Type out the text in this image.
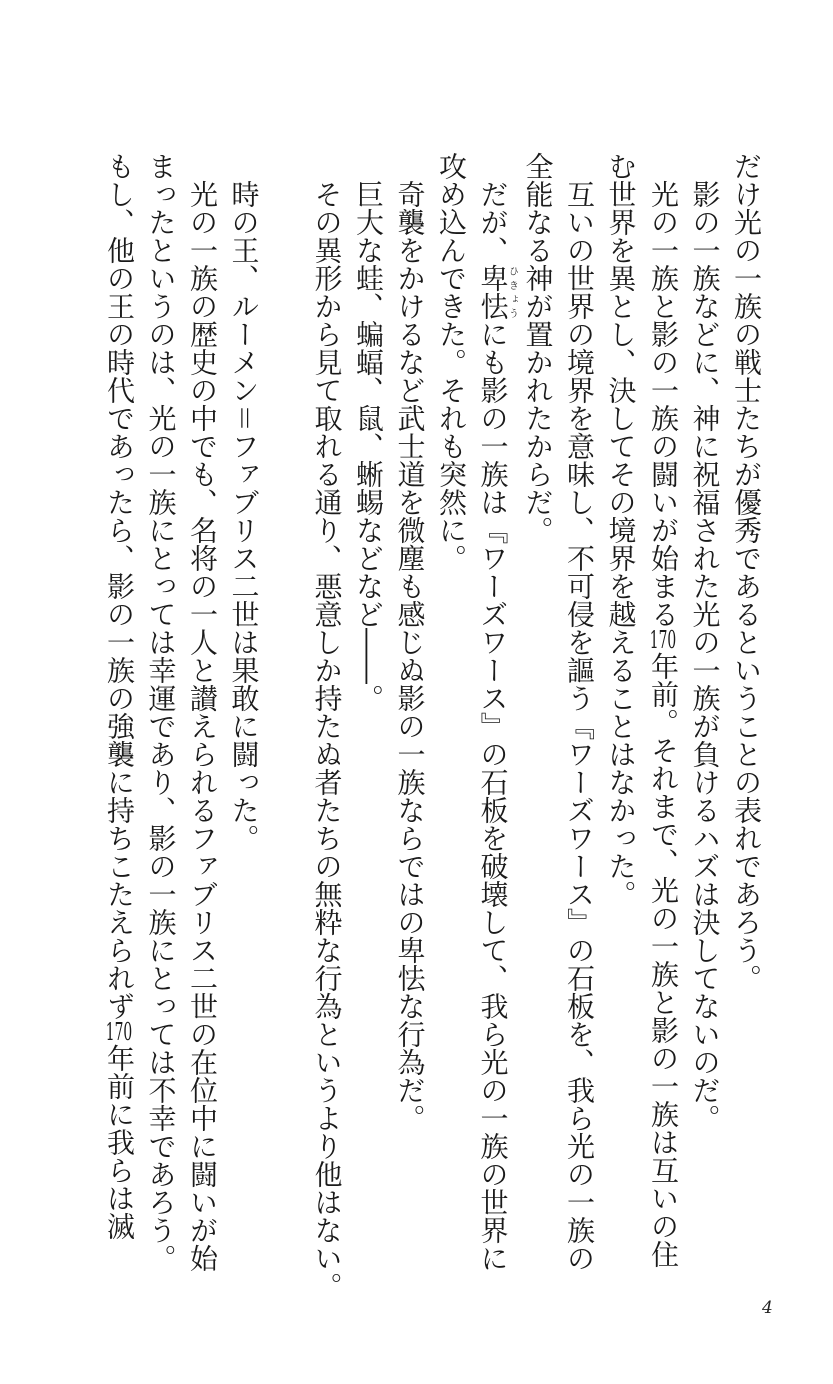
だけ光の一族の戦士たちが優秀であるということの表れであろう。
影の一族などに、神に祝福された光の一族が負けるハズは決してないのだ。
光の一族と影の一族の闘いが始まる170年前。それまで、光の一族と影の一族は互いの住
む世界を異とし、決してその境界を越えることはなかった。
互いの世界の境界を意味し、不可侵を謳う『ワーズワース』の石板を、我ら光の一族の
全能なる神が置かれたからだ。
だが、卑怯ひきょうにも影の一族は『ワーズワース』の石板を破壊して、我ら光の一族の世界に
攻め込んできた。それも突然に。
奇襲をかけるなど武士道を微塵も感じぬ影の一族ならではの卑怯な行為だ。
巨大な蛙、蝙蝠、鼠、蜥蜴などなど――。
その異形から見て取れる通り、悪意しか持たぬ者たちの無粋な行為というより他はない。
時の王、ルーメン＝ファブリス二世は果敢に闘った。
光の一族の歴史の中でも、名将の一人と讃えられるファブリス二世の在位中に闘いが始
まったというのは、光の一族にとっては幸運であり、影の一族にとっては不幸であろう。
もし、他の王の時代であったら、影の一族の強襲に持ちこたえられず170年前に我らは滅
4
